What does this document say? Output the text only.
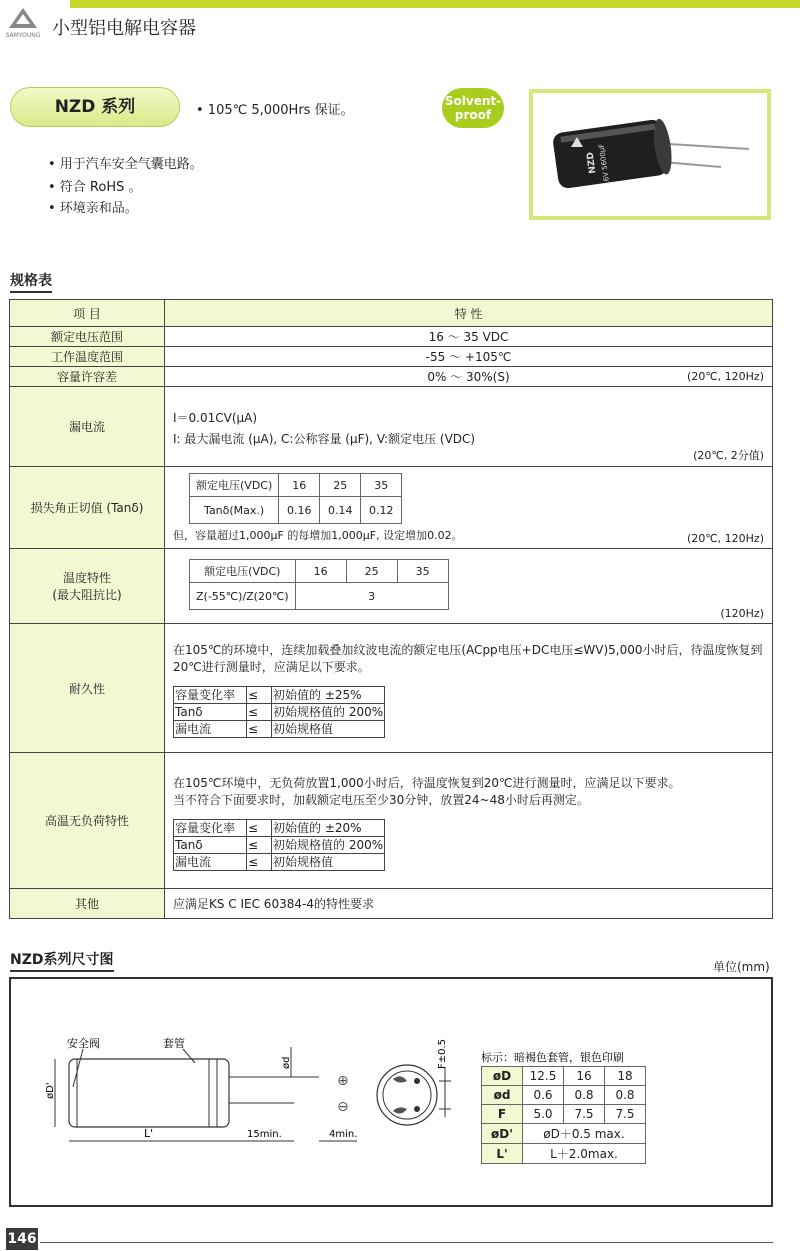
SAMYOUNG 小型铝电解电容器
NZD 系列	• 105℃ 5,000Hrs 保证。
Solvent-
proof
• 用于汽车安全气囊电路。
• 符合 RoHS 。
• 环境亲和品。
NZD 16V 5600μF
规格表
项 目	特 性
额定电压范围	16 ～ 35 VDC
工作温度范围	-55 ～ +105℃
容量许容差	0% ～ 30%(S)	(20℃, 120Hz)

漏电流	
I＝0.01CV(μA)
I: 最大漏电流 (μA), C:公称容量 (μF), V:额定电压 (VDC)
(20℃, 2分值)

损失角正切值 (Tanδ)	
额定电压(VDC)	16	25	35
Tanδ(Max.)	0.16	0.14	0.12
但，容量超过1,000μF 的每增加1,000μF, 设定增加0.02。	(20℃, 120Hz)

温度特性
(最大阻抗比)

额定电压(VDC)	16	25	35
Z(-55℃)/Z(20℃)	3
(120Hz)

耐久性	
在105℃的环境中，连续加载叠加纹波电流的额定电压(ACpp电压+DC电压≤WV)5,000小时后，待温度恢复到20℃进行测量时，应满足以下要求。
容量变化率	≤	初始值的 ±25%
Tanδ	≤	初始规格值的 200%
漏电流	≤	初始规格值

高温无负荷特性	
在105℃环境中，无负荷放置1,000小时后，待温度恢复到20℃进行测量时，应满足以下要求。
当不符合下面要求时，加载额定电压至少30分钟，放置24~48小时后再测定。
容量变化率	≤	初始值的 ±20%
Tanδ	≤	初始规格值的 200%
漏电流	≤	初始规格值

其他	应满足KS C IEC 60384-4的特性要求
NZD系列尺寸图	单位(mm)
安全阀	套管
øD'
ød
L'	15min.	4min.
⊕
⊖
F±0.5	标示：暗褐色套管，银色印刷
øD	12.5	16	18
ød	0.6	0.8	0.8
F	5.0	7.5	7.5
øD'	øD＋0.5 max.		
L'	L＋2.0max.		
146
